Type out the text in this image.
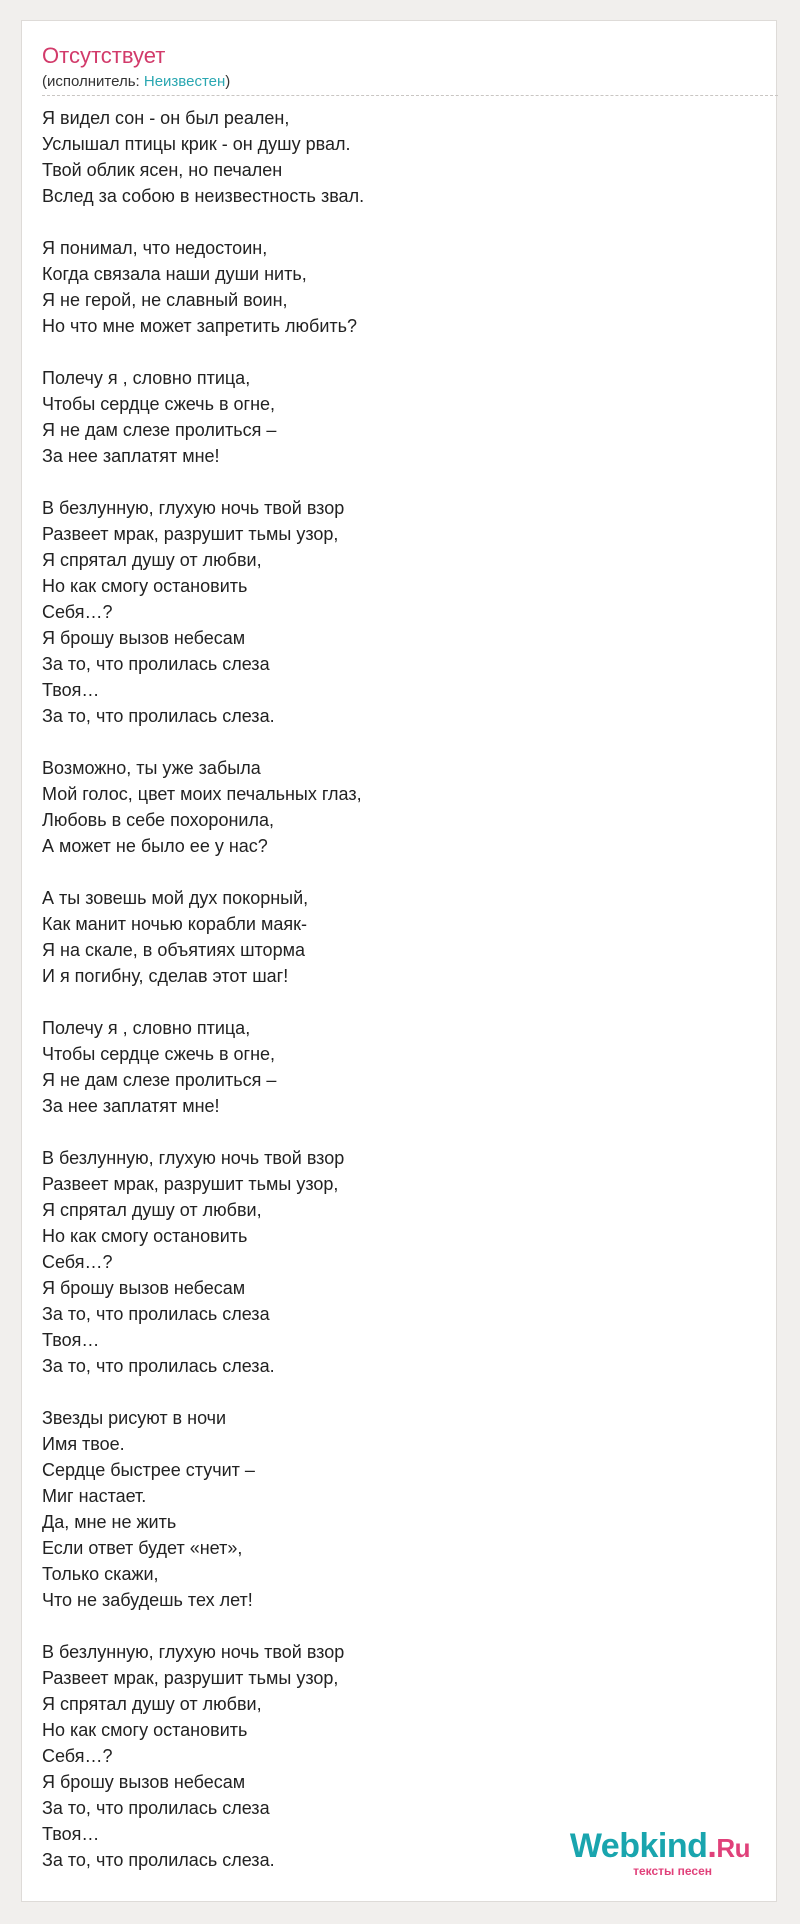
Отсутствует
(исполнитель: Неизвестен)
Я видел сон - он был реален,
Услышал птицы крик - он душу рвал.
Твой облик ясен, но печален
Вслед за собою в неизвестность звал.
Я понимал, что недостоин,
Когда связала наши души нить,
Я не герой, не славный воин,
Но что мне может запретить любить?
Полечу я , словно птица,
Чтобы сердце сжечь в огне,
Я не дам слезе пролиться –
За нее заплатят мне!
В безлунную, глухую ночь твой взор
Развеет мрак, разрушит тьмы узор,
Я спрятал душу от любви,
Но как смогу остановить
Себя…?
Я брошу вызов небесам
За то, что пролилась слеза
Твоя…
За то, что пролилась слеза.
Возможно, ты уже забыла
Мой голос, цвет моих печальных глаз,
Любовь в себе похоронила,
А может не было ее у нас?
А ты зовешь мой дух покорный,
Как манит ночью корабли маяк-
Я на скале, в объятиях шторма
И я погибну, сделав этот шаг!
Полечу я , словно птица,
Чтобы сердце сжечь в огне,
Я не дам слезе пролиться –
За нее заплатят мне!
В безлунную, глухую ночь твой взор
Развеет мрак, разрушит тьмы узор,
Я спрятал душу от любви,
Но как смогу остановить
Себя…?
Я брошу вызов небесам
За то, что пролилась слеза
Твоя…
За то, что пролилась слеза.
Звезды рисуют в ночи
Имя твое.
Сердце быстрее стучит –
Миг настает.
Да, мне не жить
Если ответ будет «нет»,
Только скажи,
Что не забудешь тех лет!
В безлунную, глухую ночь твой взор
Развеет мрак, разрушит тьмы узор,
Я спрятал душу от любви,
Но как смогу остановить
Себя…?
Я брошу вызов небесам
За то, что пролилась слеза
Твоя…
За то, что пролилась слеза.	Webkind.Ru
тексты песен
